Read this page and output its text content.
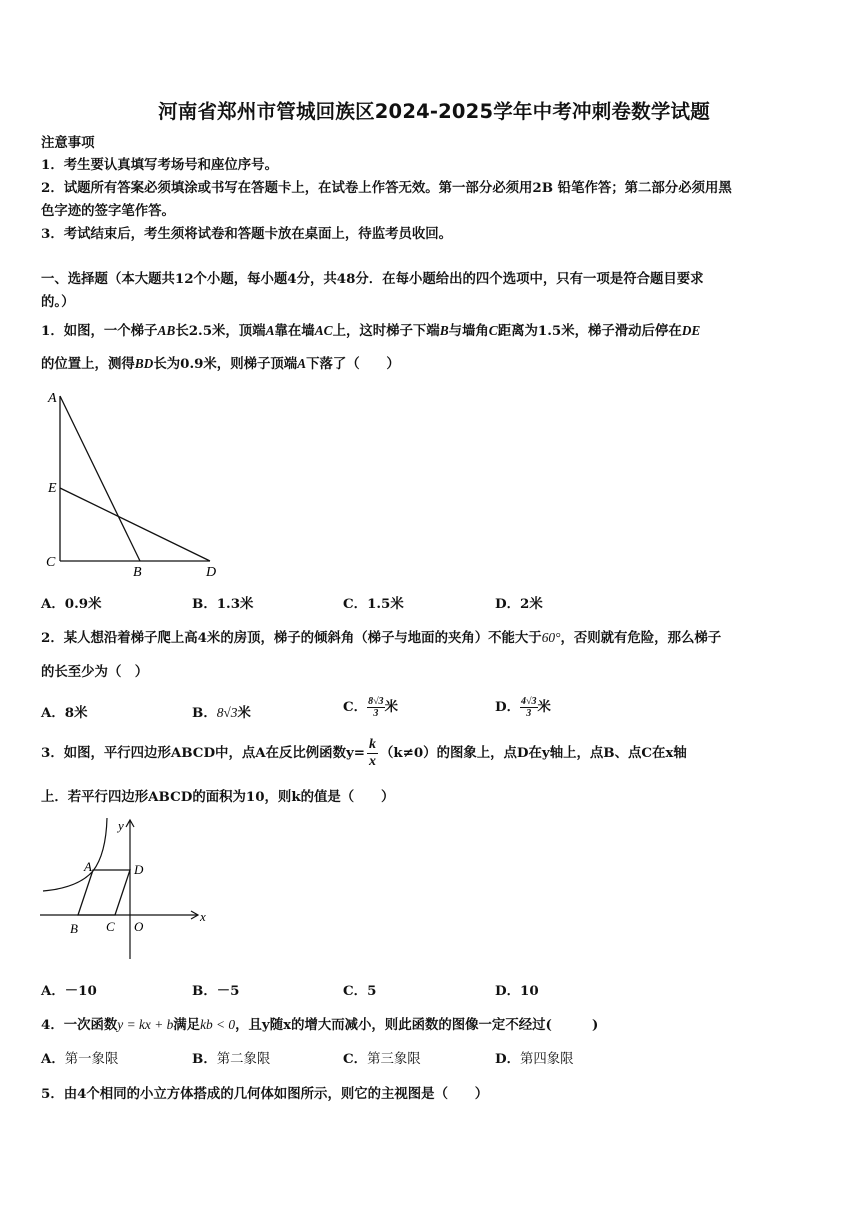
河南省郑州市管城回族区2024-2025学年中考冲刺卷数学试题
注意事项
1．考生要认真填写考场号和座位序号。
2．试题所有答案必须填涂或书写在答题卡上，在试卷上作答无效。第一部分必须用2B 铅笔作答；第二部分必须用黑
色字迹的签字笔作答。
3．考试结束后，考生须将试卷和答题卡放在桌面上，待监考员收回。
一、选择题（本大题共12个小题，每小题4分，共48分．在每小题给出的四个选项中，只有一项是符合题目要求
的。）
1．如图，一个梯子AB长2.5米，顶端A靠在墙AC上，这时梯子下端B与墙角C距离为1.5米，梯子滑动后停在DE
的位置上，测得BD长为0.9米，则梯子顶端A下落了（　　）
A
E
C
B	D
A．0.9米	B．1.3米	C．1.5米	D．2米
2．某人想沿着梯子爬上高4米的房顶，梯子的倾斜角（梯子与地面的夹角）不能大于60°，否则就有危险，那么梯子
的长至少为（　）
A．8米	B．8√3米	C． $\frac{8√3}{3}$ 米	D． $\frac{4√3}{3}$ 米
3．如图，平行四边形ABCD中，点A在反比例函数$y= \frac{k}{x} (k\ne 0)$的图象上，点D在y轴上，点B、点C在x轴
上．若平行四边形ABCD的面积为10，则k的值是（　　）
y
x
A	D
B C O
A．－10	B．－5	C．5	D．10
4．一次函数y = kx + b满足kb < 0，且y随x的增大而减小，则此函数的图像一定不经过(　　　)
A．第一象限	B．第二象限	C．第三象限	D．第四象限
5．由4个相同的小立方体搭成的几何体如图所示，则它的主视图是（　　）
